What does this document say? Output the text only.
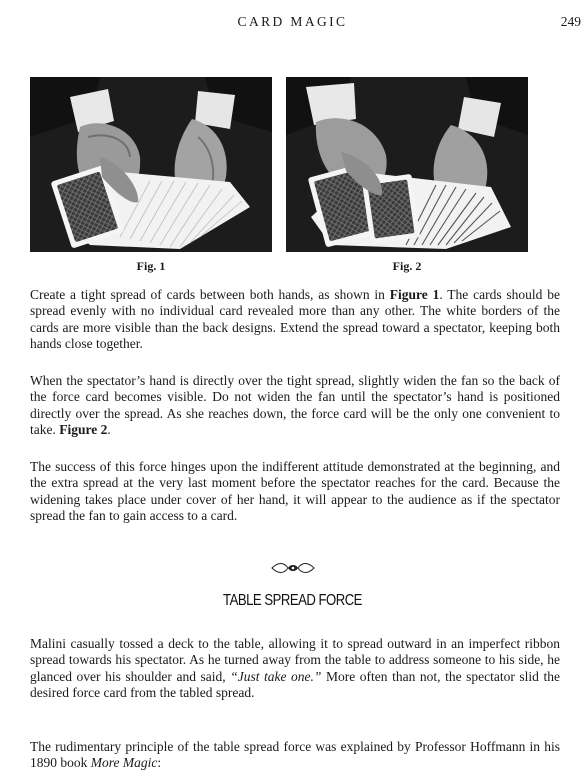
CARD MAGIC	249
Fig. 1	Fig. 2

Create a tight spread of cards between both hands, as shown in Figure 1. The cards should be spread evenly with no individual card revealed more than any other. The white borders of the cards are more visible than the back designs. Extend the spread toward a spectator, keeping both hands close together.

When the spectator’s hand is directly over the tight spread, slightly widen the fan so the back of the force card becomes visible. Do not widen the fan until the spectator’s hand is positioned directly over the spread. As she reaches down, the force card will be the only one convenient to take. Figure 2.

The success of this force hinges upon the indifferent attitude demonstrated at the beginning, and the extra spread at the very last moment before the spectator reaches for the card. Because the widening takes place under cover of her hand, it will appear to the audience as if the spectator spread the fan to gain access to a card.

TABLE SPREAD FORCE

Malini casually tossed a deck to the table, allowing it to spread outward in an imperfect ribbon spread towards his spectator. As he turned away from the table to address someone to his side, he glanced over his shoulder and said, “Just take one.” More often than not, the spectator slid the desired force card from the tabled spread.

The rudimentary principle of the table spread force was explained by Professor Hoffmann in his 1890 book More Magic:
